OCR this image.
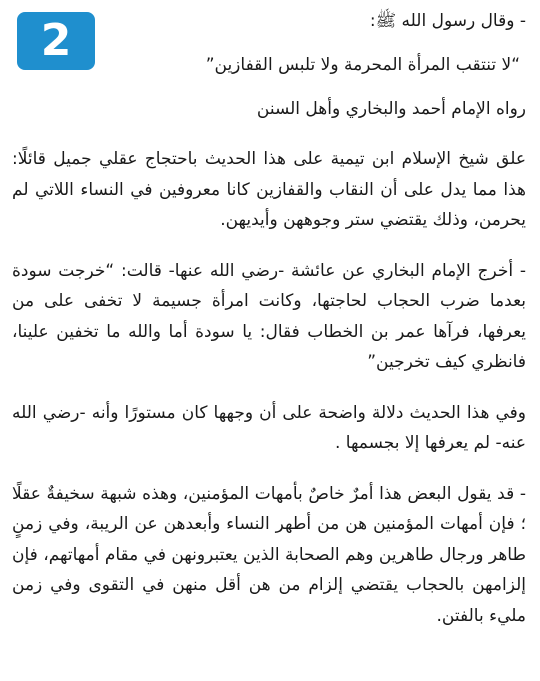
2	- وقال رسول الله ﷺ:

“لا تنتقب المرأة المحرمة ولا تلبس القفازين”

رواه الإمام أحمد والبخاري وأهل السنن

علق شيخ الإسلام ابن تيمية على هذا الحديث باحتجاج عقلي جميل قائلًا: هذا مما يدل على أن النقاب والقفازين كانا معروفين في النساء اللاتي لم يحرمن، وذلك يقتضي ستر وجوههن وأيديهن.

- أخرج الإمام البخاري عن عائشة -رضي الله عنها- قالت: “خرجت سودة بعدما ضرب الحجاب لحاجتها، وكانت امرأة جسيمة لا تخفى على من يعرفها، فرآها عمر بن الخطاب فقال: يا سودة أما والله ما تخفين علينا، فانظري كيف تخرجين”

وفي هذا الحديث دلالة واضحة على أن وجهها كان مستورًا وأنه -رضي الله عنه- لم يعرفها إلا بجسمها .

- قد يقول البعض هذا أمرٌ خاصٌ بأمهات المؤمنين، وهذه شبهة سخيفةٌ عقلًا ؛ فإن أمهات المؤمنين هن من أطهر النساء وأبعدهن عن الريبة، وفي زمنٍ طاهر ورجال طاهرين وهم الصحابة الذين يعتبرونهن في مقام أمهاتهم، فإن إلزامهن بالحجاب يقتضي إلزام من هن أقل منهن في التقوى وفي زمن مليء بالفتن.
